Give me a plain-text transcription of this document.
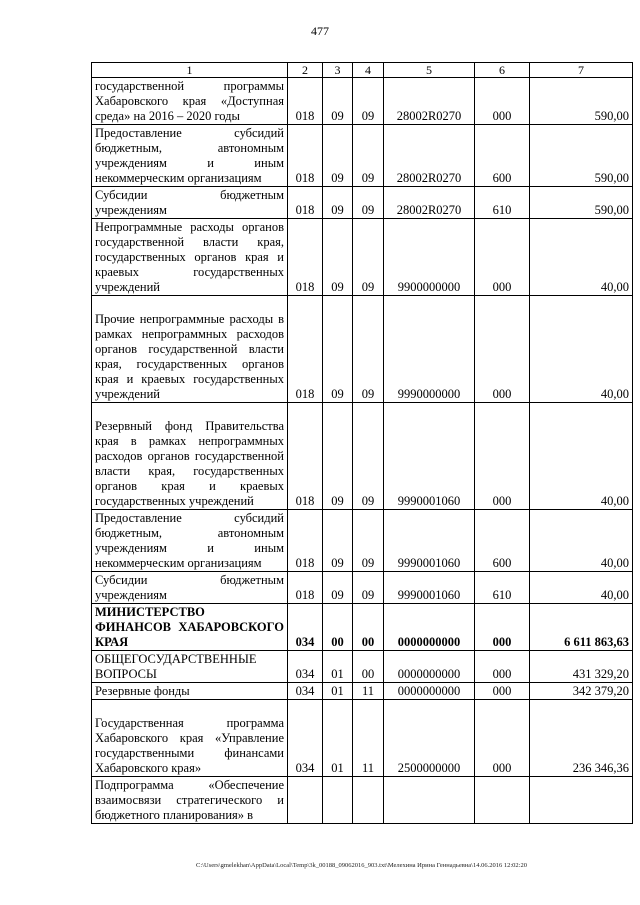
477
1	2	3	4	5	6	7
государственной программы Хабаровского края «Доступная среда» на 2016 – 2020 годы	018	09	09	28002R0270	000	590,00
Предоставление субсидий бюджетным, автономным учреждениям и иным некоммерческим организациям	018	09	09	28002R0270	600	590,00
Субсидии бюджетным учреждениям	018	09	09	28002R0270	610	590,00
Непрограммные расходы органов государственной власти края, государственных органов края и краевых государственных учреждений	018	09	09	9900000000	000	40,00
Прочие непрограммные расходы в рамках непрограммных расходов органов государственной власти края, государственных органов края и краевых государственных учреждений	018	09	09	9990000000	000	40,00
Резервный фонд Правительства края в рамках непрограммных расходов органов государственной власти края, государственных органов края и краевых государственных учреждений	018	09	09	9990001060	000	40,00
Предоставление субсидий бюджетным, автономным учреждениям и иным некоммерческим организациям	018	09	09	9990001060	600	40,00
Субсидии бюджетным учреждениям	018	09	09	9990001060	610	40,00
МИНИСТЕРСТВО ФИНАНСОВ ХАБАРОВСКОГО КРАЯ	034	00	00	0000000000	000	6 611 863,63
ОБЩЕГОСУДАРСТВЕННЫЕ ВОПРОСЫ	034	01	00	0000000000	000	431 329,20
Резервные фонды	034	01	11	0000000000	000	342 379,20
Государственная программа Хабаровского края «Управление государственными финансами Хабаровского края»	034	01	11	2500000000	000	236 346,36
Подпрограмма «Обеспечение взаимосвязи стратегического и бюджетного планирования» в						
C:\Users\gmelekhan\AppData\Local\Temp\3k_00188_09062016_903.txt\Мелехина Ирина Геннадьевна\14.06.2016 12:02:20
